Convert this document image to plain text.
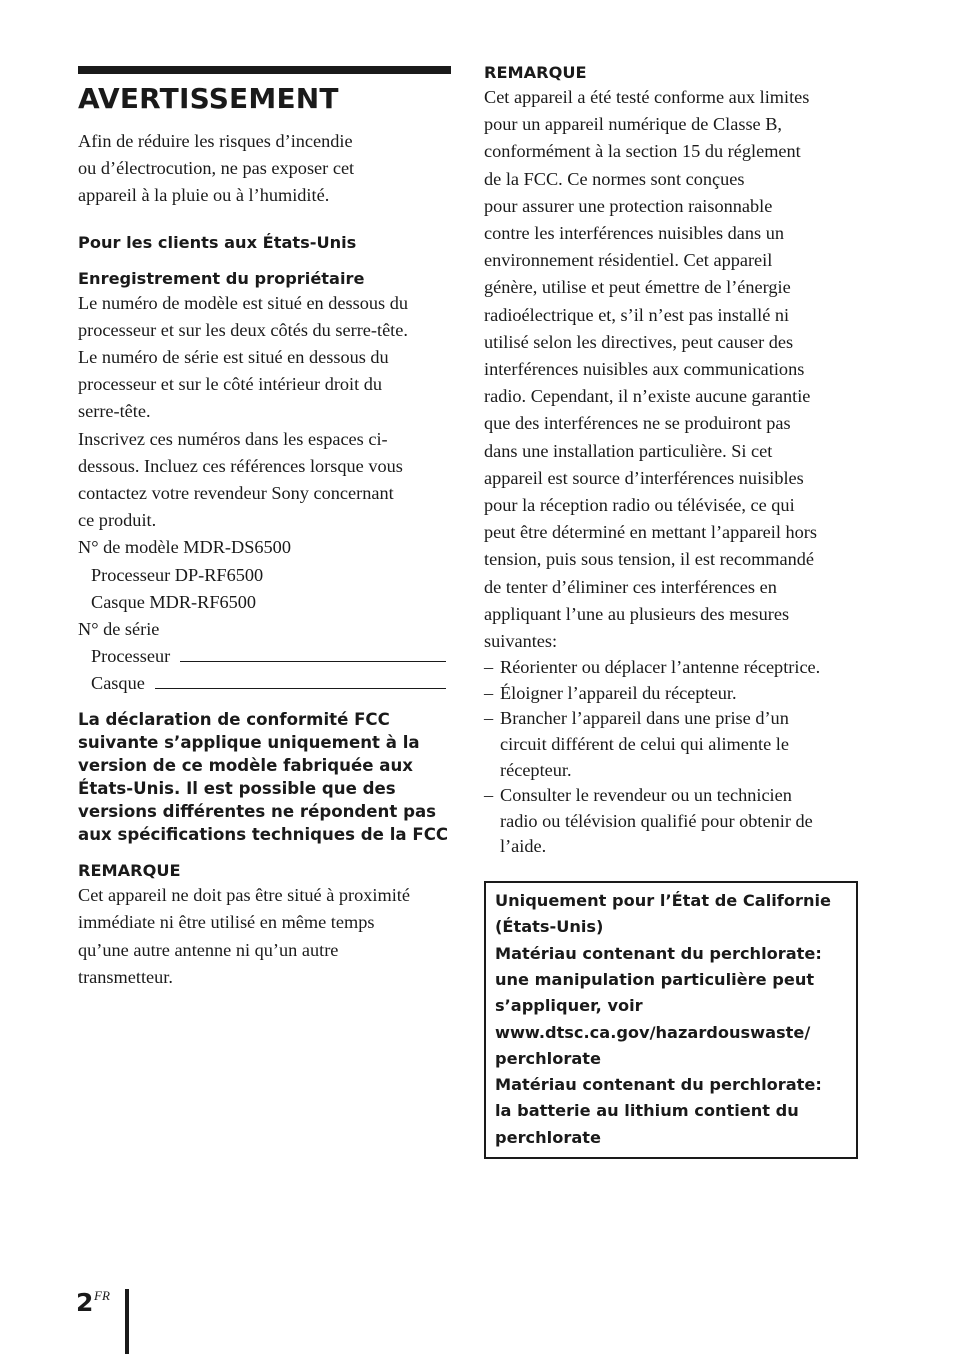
AVERTISSEMENT
Afin de réduire les risques d’incendie
ou d’électrocution, ne pas exposer cet
appareil à la pluie ou à l’humidité.
Pour les clients aux États-Unis
Enregistrement du propriétaire
Le numéro de modèle est situé en dessous du
processeur et sur les deux côtés du serre-tête.
Le numéro de série est situé en dessous du
processeur et sur le côté intérieur droit du
serre-tête.
Inscrivez ces numéros dans les espaces ci-
dessous. Incluez ces références lorsque vous
contactez votre revendeur Sony concernant
ce produit.
N° de modèle MDR-DS6500
Processeur DP-RF6500
Casque MDR-RF6500
N° de série
Processeur
Casque
La déclaration de conformité FCC
suivante s’applique uniquement à la
version de ce modèle fabriquée aux
États-Unis. Il est possible que des
versions différentes ne répondent pas
aux spécifications techniques de la FCC
REMARQUE
Cet appareil ne doit pas être situé à proximité
immédiate ni être utilisé en même temps
qu’une autre antenne ni qu’un autre
transmetteur.
REMARQUE
Cet appareil a été testé conforme aux limites
pour un appareil numérique de Classe B,
conformément à la section 15 du réglement
de la FCC. Ce normes sont conçues
pour assurer une protection raisonnable
contre les interférences nuisibles dans un
environnement résidentiel. Cet appareil
génère, utilise et peut émettre de l’énergie
radioélectrique et, s’il n’est pas installé ni
utilisé selon les directives, peut causer des
interférences nuisibles aux communications
radio. Cependant, il n’existe aucune garantie
que des interférences ne se produiront pas
dans une installation particulière. Si cet
appareil est source d’interférences nuisibles
pour la réception radio ou télévisée, ce qui
peut être déterminé en mettant l’appareil hors
tension, puis sous tension, il est recommandé
de tenter d’éliminer ces interférences en
appliquant l’une au plusieurs des mesures
suivantes:
– Réorienter ou déplacer l’antenne réceptrice.
– Éloigner l’appareil du récepteur.
– Brancher l’appareil dans une prise d’un
circuit différent de celui qui alimente le
récepteur.
– Consulter le revendeur ou un technicien
radio ou télévision qualifié pour obtenir de
l’aide.
Uniquement pour l’État de Californie
(États-Unis)
Matériau contenant du perchlorate:
une manipulation particulière peut
s’appliquer, voir
www.dtsc.ca.gov/hazardouswaste/
perchlorate
Matériau contenant du perchlorate:
la batterie au lithium contient du
perchlorate
2 FR
